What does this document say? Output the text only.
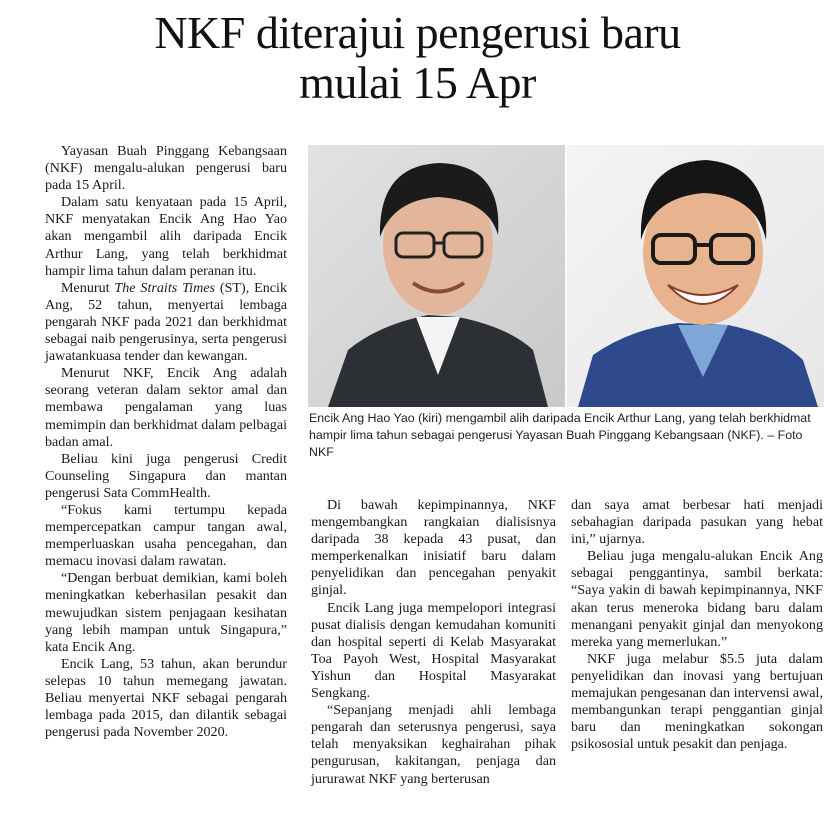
NKF diterajui pengerusi baru
mulai 15 Apr

Yayasan Buah Pinggang Kebangsaan (NKF) mengalu-alukan pengerusi baru pada 15 April.

Dalam satu kenyataan pada 15 April, NKF menyatakan Encik Ang Hao Yao akan mengambil alih daripada Encik Arthur Lang, yang telah berkhidmat hampir lima tahun dalam peranan itu.

Menurut The Straits Times (ST), Encik Ang, 52 tahun, menyertai lembaga pengarah NKF pada 2021 dan berkhidmat sebagai naib pengerusinya, serta pengerusi jawatankuasa tender dan kewangan.

Menurut NKF, Encik Ang adalah seorang veteran dalam sektor amal dan membawa pengalaman yang luas memimpin dan berkhidmat dalam pelbagai badan amal.

Beliau kini juga pengerusi Credit Counseling Singapura dan mantan pengerusi Sata CommHealth.

“Fokus kami tertumpu kepada mempercepatkan campur tangan awal, memperluaskan usaha pencegahan, dan memacu inovasi dalam rawatan.

“Dengan berbuat demikian, kami boleh meningkatkan keberhasilan pesakit dan mewujudkan sistem penjagaan kesihatan yang lebih mampan untuk Singapura,” kata Encik Ang.

Encik Lang, 53 tahun, akan berundur selepas 10 tahun memegang jawatan. Beliau menyertai NKF sebagai pengarah lembaga pada 2015, dan dilantik sebagai pengerusi pada November 2020.

Encik Ang Hao Yao (kiri) mengambil alih daripada Encik Arthur Lang, yang telah berkhidmat hampir lima tahun sebagai pengerusi Yayasan Buah Pinggang Kebangsaan (NKF). – Foto NKF

Di bawah kepimpinannya, NKF mengembangkan rangkaian dialisisnya daripada 38 kepada 43 pusat, dan memperkenalkan inisiatif baru dalam penyelidikan dan pencegahan penyakit ginjal.

Encik Lang juga mempelopori integrasi pusat dialisis dengan kemudahan komuniti dan hospital seperti di Kelab Masyarakat Toa Payoh West, Hospital Masyarakat Yishun dan Hospital Masyarakat Sengkang.

“Sepanjang menjadi ahli lembaga pengarah dan seterusnya pengerusi, saya telah menyaksikan keghairahan pihak pengurusan, kakitangan, penjaga dan jururawat NKF yang berterusan

dan saya amat berbesar hati menjadi sebahagian daripada pasukan yang hebat ini,” ujarnya.

Beliau juga mengalu-alukan Encik Ang sebagai penggantinya, sambil berkata: “Saya yakin di bawah kepimpinannya, NKF akan terus meneroka bidang baru dalam menangani penyakit ginjal dan menyokong mereka yang memerlukan.”

NKF juga melabur $5.5 juta dalam penyelidikan dan inovasi yang bertujuan memajukan pengesanan dan intervensi awal, membangunkan terapi penggantian ginjal baru dan meningkatkan sokongan psikososial untuk pesakit dan penjaga.
